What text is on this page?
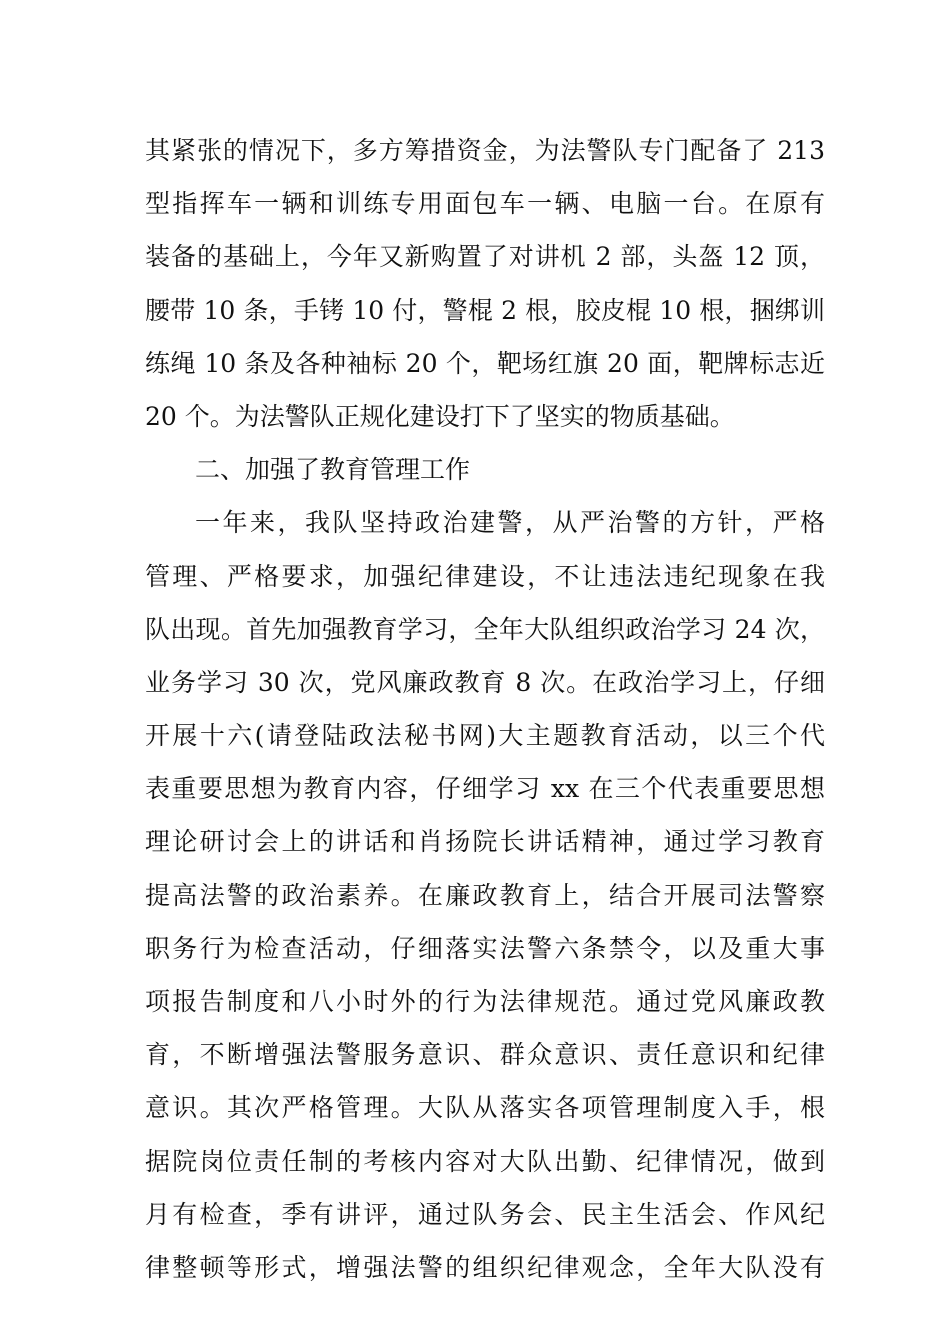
其紧张的情况下，多方筹措资金，为法警队专门配备了 213
型指挥车一辆和训练专用面包车一辆、电脑一台。在原有
装备的基础上，今年又新购置了对讲机 2 部，头盔 12 顶，
腰带 10 条，手铐 10 付，警棍 2 根，胶皮棍 10 根，捆绑训
练绳 10 条及各种袖标 20 个，靶场红旗 20 面，靶牌标志近
20 个。为法警队正规化建设打下了坚实的物质基础。
二、加强了教育管理工作
一年来，我队坚持政治建警，从严治警的方针，严格
管理、严格要求，加强纪律建设，不让违法违纪现象在我
队出现。首先加强教育学习，全年大队组织政治学习 24 次，
业务学习 30 次，党风廉政教育 8 次。在政治学习上，仔细
开展十六(请登陆政法秘书网)大主题教育活动，以三个代
表重要思想为教育内容，仔细学习 xx 在三个代表重要思想
理论研讨会上的讲话和肖扬院长讲话精神，通过学习教育
提高法警的政治素养。在廉政教育上，结合开展司法警察
职务行为检查活动，仔细落实法警六条禁令，以及重大事
项报告制度和八小时外的行为法律规范。通过党风廉政教
育，不断增强法警服务意识、群众意识、责任意识和纪律
意识。其次严格管理。大队从落实各项管理制度入手，根
据院岗位责任制的考核内容对大队出勤、纪律情况，做到
月有检查，季有讲评，通过队务会、民主生活会、作风纪
律整顿等形式，增强法警的组织纪律观念，全年大队没有
